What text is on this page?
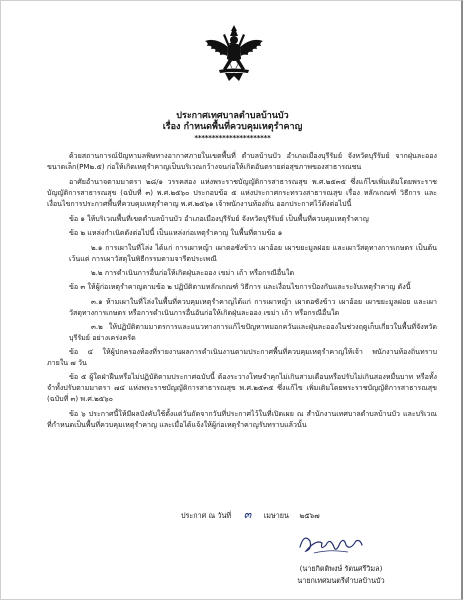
ประกาศเทศบาลตำบลบ้านบัว
เรื่อง กำหนดพื้นที่ควบคุมเหตุรำคาญ
**********************

ด้วยสถานการณ์ปัญหามลพิษทางอากาศภายในเขตพื้นที่ ตำบลบ้านบัว อำเภอเมืองบุรีรัมย์ จังหวัดบุรีรัมย์ จากฝุ่นละอองขนาดเล็ก(PM๒.๕) ก่อให้เกิดเหตุรำคาญเป็นบริเวณกว้างจนก่อให้เกิดอันตรายต่อสุขภาพของสาธารณชน

อาศัยอำนาจตามมาตรา ๒๘/๑ วรรคสอง แห่งพระราชบัญญัติการสาธารณสุข พ.ศ.๒๕๓๕ ซึ่งแก้ไขเพิ่มเติมโดยพระราชบัญญัติการสาธารณสุข (ฉบับที่ ๓) พ.ศ.๒๕๖๐ ประกอบข้อ ๕ แห่งประกาศกระทรวงสาธารณสุข เรื่อง หลักเกณฑ์ วิธีการ และเงื่อนไขการประกาศพื้นที่ควบคุมเหตุรำคาญ พ.ศ.๒๕๖๑ เจ้าพนักงานท้องถิ่น ออกประกาศไว้ดังต่อไปนี้

ข้อ ๑ ให้บริเวณพื้นที่เขตตำบลบ้านบัว อำเภอเมืองบุรีรัมย์ จังหวัดบุรีรัมย์ เป็นพื้นที่ควบคุมเหตุรำคาญ

ข้อ ๒ แหล่งกำเนิดดังต่อไปนี้ เป็นแหล่งก่อเหตุรำคาญ ในพื้นที่ตามข้อ ๑

๒.๑ การเผาในที่โล่ง ได้แก่ การเผาหญ้า เผาตอซังข้าว เผาอ้อย เผาขยะมูลฝอย และเผาวัสดุทางการเกษตร เป็นต้น เว้นแต่ การเผาวัสดุในพิธีกรรมตามจารีตประเพณี

๒.๒ การดำเนินการอื่นก่อให้เกิดฝุ่นละออง เขม่า เถ้า หรือกรณีอื่นใด

ข้อ ๓ ให้ผู้ก่อเหตุรำคาญตามข้อ ๒ ปฏิบัติตามหลักเกณฑ์ วิธีการ และเงื่อนไขการป้องกันและระงับเหตุรำคาญ ดังนี้

๓.๑ ห้ามเผาในที่โล่งในพื้นที่ควบคุมเหตุรำคาญได้แก่ การเผาหญ้า เผาตอซังข้าว เผาอ้อย เผาขยะมูลฝอย และเผาวัสดุทางการเกษตร หรือการดำเนินการอื่นอันก่อให้เกิดฝุ่นละออง เขม่า เถ้า หรือกรณีอื่นใด

๓.๒ ให้ปฏิบัติตามมาตรการและแนวทางการแก้ไขปัญหาหมอกควันและฝุ่นละอองในช่วงฤดูเก็บเกี่ยวในพื้นที่จังหวัดบุรีรัมย์ อย่างเคร่งครัด

ข้อ ๔ ให้ผู้ปกครองท้องที่รายงานผลการดำเนินงานตามประกาศพื้นที่ควบคุมเหตุรำคาญให้เจ้า พนักงานท้องถิ่นทราบ ภายใน ๗ วัน

ข้อ ๕ ผู้ใดฝ่าฝืนหรือไม่ปฏิบัติตามประกาศฉบับนี้ ต้องระวางโทษจำคุกไม่เกินสามเดือนหรือปรับไม่เกินสองหมื่นบาท หรือทั้งจำทั้งปรับตามมาตรา ๗๔ แห่งพระราชบัญญัติการสาธารณสุข พ.ศ.๒๕๓๕ ซึ่งแก้ไข เพิ่มเติมโดยพระราชบัญญัติการสาธารณสุข (ฉบับที่ ๓) พ.ศ.๒๕๖๐

ข้อ ๖ ประกาศนี้ให้มีผลบังคับใช้ตั้งแต่วันถัดจากวันที่ประกาศไว้ในที่เปิดเผย ณ สำนักงานเทศบาลตำบลบ้านบัว และบริเวณที่กำหนดเป็นพื้นที่ควบคุมเหตุรำคาญ และเมื่อได้แจ้งให้ผู้ก่อเหตุรำคาญรับทราบแล้วนั้น

ประกาศ ณ วันที่ ๓ เมษายน ๒๕๖๗
(นายกิตติพงษ์ รัตนศรีวิมล)
นายกเทศมนตรีตำบลบ้านบัว
